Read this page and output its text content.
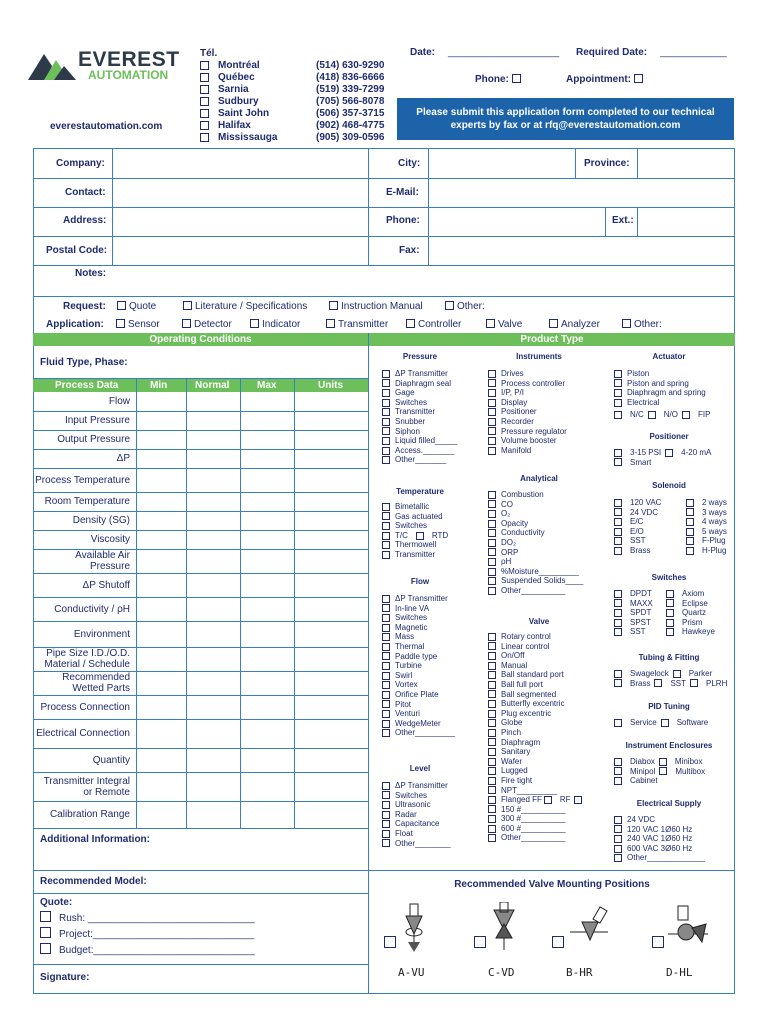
EVEREST
AUTOMATION
everestautomation.com
Tél.
Montréal	(514) 630-9290
Québec	(418) 836-6666
Sarnia	(519) 339-7299
Sudbury	(705) 566-8078
Saint John	(506) 357-3715
Halifax	(902) 468-4775
Mississauga	(905) 309-0596
Date: ____________________ Required Date: ____________
Phone:	Appointment:
Please submit this application form completed to our technical experts by fax or at rfq@everestautomation.com
Company:	City:	Province:
Contact:	E-Mail:
Address:	Phone:	Ext.:
Postal Code:	Fax:
Notes:
Request:	Quote	Literature / Specifications	Instruction Manual	Other:
Application:	Sensor	Detector	Indicator	Transmitter	Controller	Valve	Analyzer	Other:
Operating Conditions	Product Type
Fluid Type, Phase:
Process Data	Min	Normal	Max	Units
Flow
Input Pressure
Output Pressure
ΔP
Process Temperature
Room Temperature
Density (SG)
Viscosity
Available Air Pressure
ΔP Shutoff
Conductivity / ρH
Environment
Pipe Size I.D./O.D. Material / Schedule
Recommended Wetted Parts
Process Connection
Electrical Connection
Quantity
Transmitter Integral or Remote
Calibration Range
Additional Information:
Recommended Model:
Quote:
Rush: ______________________________
Project:_____________________________
Budget:_____________________________
Signature:
Pressure
ΔP Transmitter
Diaphragm seal
Gage
Switches
Transmitter
Snubber
Siphon
Liquid filled_____
Access._______
Other_______
Temperature
Bimetallic
Gas actuated
Switches
T/C	RTD
Thermowell
Transmitter
Flow
ΔP Transmitter
In-line VA
Switches
Magnetic
Mass
Thermal
Paddle type
Turbine
Swirl
Vortex
Orifice Plate
Pitot
Venturi
WedgeMeter
Other_________
Level
ΔP Transmitter
Switches
Ultrasonic
Radar
Capacitance
Float
Other________
Instruments
Drives
Process controller
I/P, P/I
Display
Positioner
Recorder
Pressure regulator
Volume booster
Manifold
Analytical
Combustion
CO
O₂
Opacity
Conductivity
DO₂
ORP
ρH
%Moisture_________
Suspended Solids____
Other__________
Valve
Rotary control
Linear control
On/Off
Manual
Ball standard port
Ball full port
Ball segmented
Butterfly excentric
Plug excentric
Globe
Pinch
Diaphragm
Sanitary
Wafer
Lugged
Fire tight
NPT_________
Flanged FF RF
150 #__________
300 #__________
600 #__________
Other__________
Actuator
Piston
Piston and spring
Diaphragm and spring
Electrical
N/C	N/O	FIP
Positioner
3-15 PSI	4-20 mA
Smart
Solenoid
120 VAC	2 ways
24 VDC	3 ways
E/C	4 ways
E/O	5 ways
SST	F-Plug
Brass	H-Plug
Switches
DPDT	Axiom
MAXX	Eclipse
SPDT	Quartz
SPST	Prism
SST	Hawkeye
Tubing & Fitting
Swagelock	Parker
Brass	SST	PLRH
PID Tuning
Service	Software
Instrument Enclosures
Diabox	Minibox
Minipol	Multibox
Cabinet
Electrical Supply
24 VDC
120 VAC 1Ø60 Hz
240 VAC 1Ø60 Hz
600 VAC 3Ø60 Hz
Other_____________
Recommended Valve Mounting Positions
A-VU	C-VD	B-HR	D-HL
